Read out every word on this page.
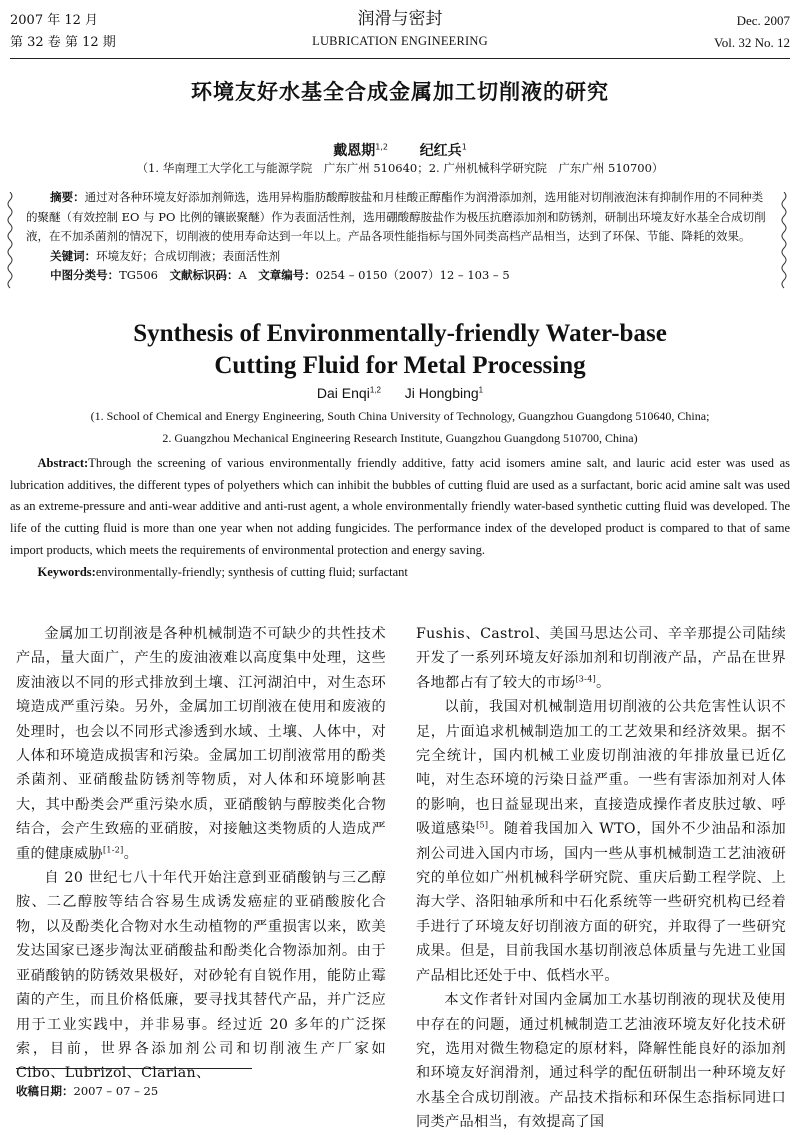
2007 年 12 月
第 32 卷 第 12 期
润滑与密封
LUBRICATION ENGINEERING
Dec. 2007
Vol. 32 No. 12
环境友好水基全合成金属加工切削液的研究
戴恩期$^{1,2}$ 纪红兵$^1$
（1. 华南理工大学化工与能源学院　广东广州 510640；2. 广州机械科学研究院　广东广州 510700）

摘要：通过对各种环境友好添加剂筛选，选用异构脂肪酸醇胺盐和月桂酸正醇酯作为润滑添加剂，选用能对切削液泡沫有抑制作用的不同种类的聚醚（有效控制 EO 与 PO 比例的镶嵌聚醚）作为表面活性剂，选用硼酸醇胺盐作为极压抗磨添加剂和防锈剂，研制出环境友好水基全合成切削液，在不加杀菌剂的情况下，切削液的使用寿命达到一年以上。产品各项性能指标与国外同类高档产品相当，达到了环保、节能、降耗的效果。

关键词：环境友好；合成切削液；表面活性剂

中图分类号：TG506　 文献标识码：A　 文章编号：0254 – 0150（2007）12 – 103 – 5

Synthesis of Environmentally-friendly Water-base
Cutting Fluid for Metal Processing
Dai Enqi$^{1,2}$ Ji Hongbing$^1$
(1. School of Chemical and Energy Engineering, South China University of Technology, Guangzhou Guangdong 510640, China;
2. Guangzhou Mechanical Engineering Research Institute, Guangzhou Guangdong 510700, China)

Abstract:Through the screening of various environmentally friendly additive, fatty acid isomers amine salt, and lauric acid ester was used as lubrication additives, the different types of polyethers which can inhibit the bubbles of cutting fluid are used as a surfactant, boric acid amine salt was used as an extreme-pressure and anti-wear additive and anti-rust agent, a whole environmentally friendly water-based synthetic cutting fluid was developed. The life of the cutting fluid is more than one year when not adding fungicides. The performance index of the developed product is compared to that of same import products, which meets the requirements of environmental protection and energy saving.

Keywords:environmentally-friendly; synthesis of cutting fluid; surfactant

金属加工切削液是各种机械制造不可缺少的共性技术产品，量大面广，产生的废油液难以高度集中处理，这些废油液以不同的形式排放到土壤、江河湖泊中，对生态环境造成严重污染。另外，金属加工切削液在使用和废液的处理时，也会以不同形式渗透到水域、土壤、人体中，对人体和环境造成损害和污染。金属加工切削液常用的酚类杀菌剂、亚硝酸盐防锈剂等物质，对人体和环境影响甚大，其中酚类会严重污染水质，亚硝酸钠与醇胺类化合物结合，会产生致癌的亚硝胺，对接触这类物质的人造成严重的健康威胁[1-2]。

自 20 世纪七八十年代开始注意到亚硝酸钠与三乙醇胺、二乙醇胺等结合容易生成诱发癌症的亚硝酸胺化合物，以及酚类化合物对水生动植物的严重损害以来，欧美发达国家已逐步淘汰亚硝酸盐和酚类化合物添加剂。由于亚硝酸钠的防锈效果极好，对砂轮有自锐作用，能防止霉菌的产生，而且价格低廉，要寻找其替代产品，并广泛应用于工业实践中，并非易事。经过近 20 多年的广泛探索，目前，世界各添加剂公司和切削液生产厂家如 Cibo、Lubrizol、Clarian、

Fushis、Castrol、美国马思达公司、辛辛那提公司陆续开发了一系列环境友好添加剂和切削液产品，产品在世界各地都占有了较大的市场[3-4]。

以前，我国对机械制造用切削液的公共危害性认识不足，片面追求机械制造加工的工艺效果和经济效果。据不完全统计，国内机械工业废切削油液的年排放量已近亿吨，对生态环境的污染日益严重。一些有害添加剂对人体的影响，也日益显现出来，直接造成操作者皮肤过敏、呼吸道感染[5]。随着我国加入 WTO，国外不少油品和添加剂公司进入国内市场，国内一些从事机械制造工艺油液研究的单位如广州机械科学研究院、重庆后勤工程学院、上海大学、洛阳轴承所和中石化系统等一些研究机构已经着手进行了环境友好切削液方面的研究，并取得了一些研究成果。但是，目前我国水基切削液总体质量与先进工业国产品相比还处于中、低档水平。

本文作者针对国内金属加工水基切削液的现状及使用中存在的问题，通过机械制造工艺油液环境友好化技术研究，选用对微生物稳定的原材料，降解性能良好的添加剂和环境友好润滑剂，通过科学的配伍研制出一种环境友好水基全合成切削液。产品技术指标和环保生态指标同进口同类产品相当，有效提高了国

收稿日期：2007 – 07 – 25
